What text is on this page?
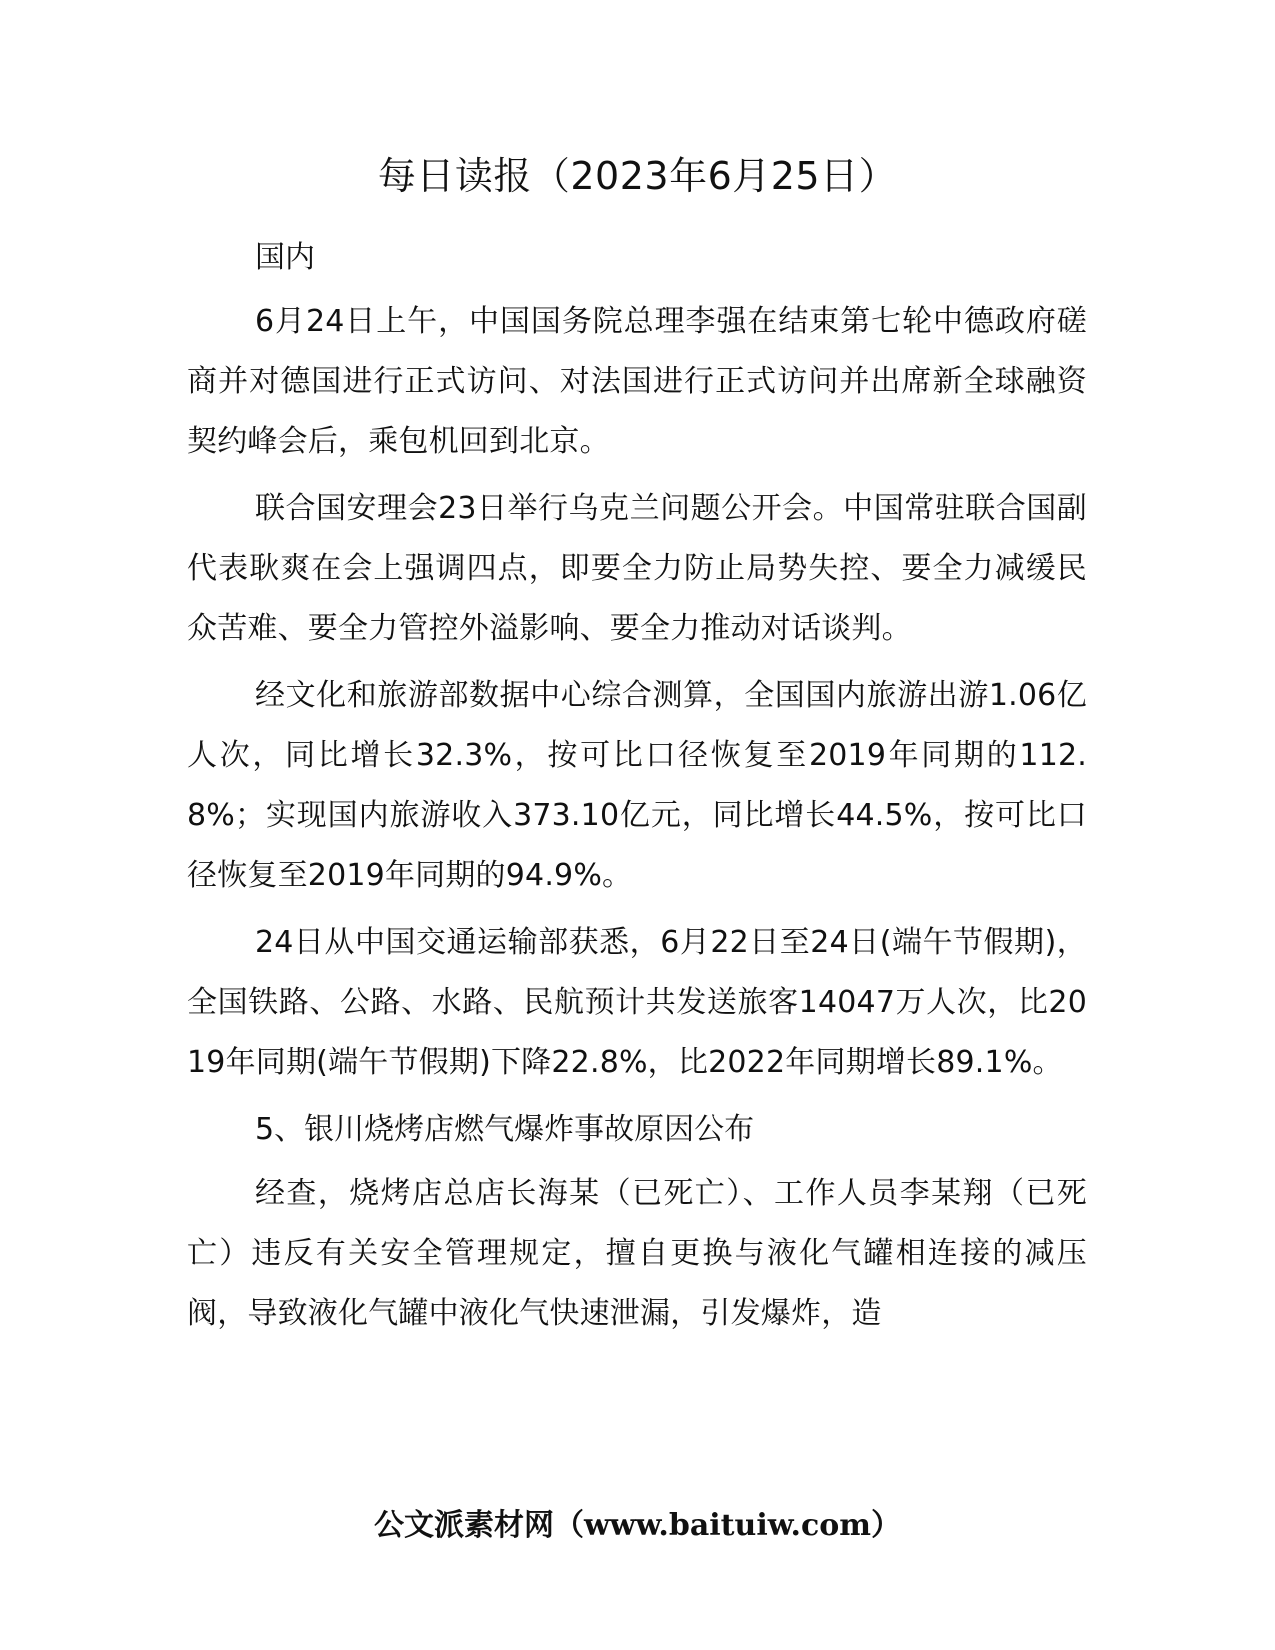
每日读报（2023年6月25日）

国内

6月24日上午，中国国务院总理李强在结束第七轮中德政府磋商并对德国进行正式访问、对法国进行正式访问并出席新全球融资契约峰会后，乘包机回到北京。

联合国安理会23日举行乌克兰问题公开会。中国常驻联合国副代表耿爽在会上强调四点，即要全力防止局势失控、要全力减缓民众苦难、要全力管控外溢影响、要全力推动对话谈判。

经文化和旅游部数据中心综合测算，全国国内旅游出游1.06亿人次，同比增长32.3%，按可比口径恢复至2019年同期的112.8%；实现国内旅游收入373.10亿元，同比增长44.5%，按可比口径恢复至2019年同期的94.9%。

24日从中国交通运输部获悉，6月22日至24日(端午节假期)，全国铁路、公路、水路、民航预计共发送旅客14047万人次，比2019年同期(端午节假期)下降22.8%，比2022年同期增长89.1%。

5、银川烧烤店燃气爆炸事故原因公布

经查，烧烤店总店长海某（已死亡）、工作人员李某翔（已死亡）违反有关安全管理规定，擅自更换与液化气罐相连接的减压阀，导致液化气罐中液化气快速泄漏，引发爆炸，造

公文派素材网（www.baituiw.com）
